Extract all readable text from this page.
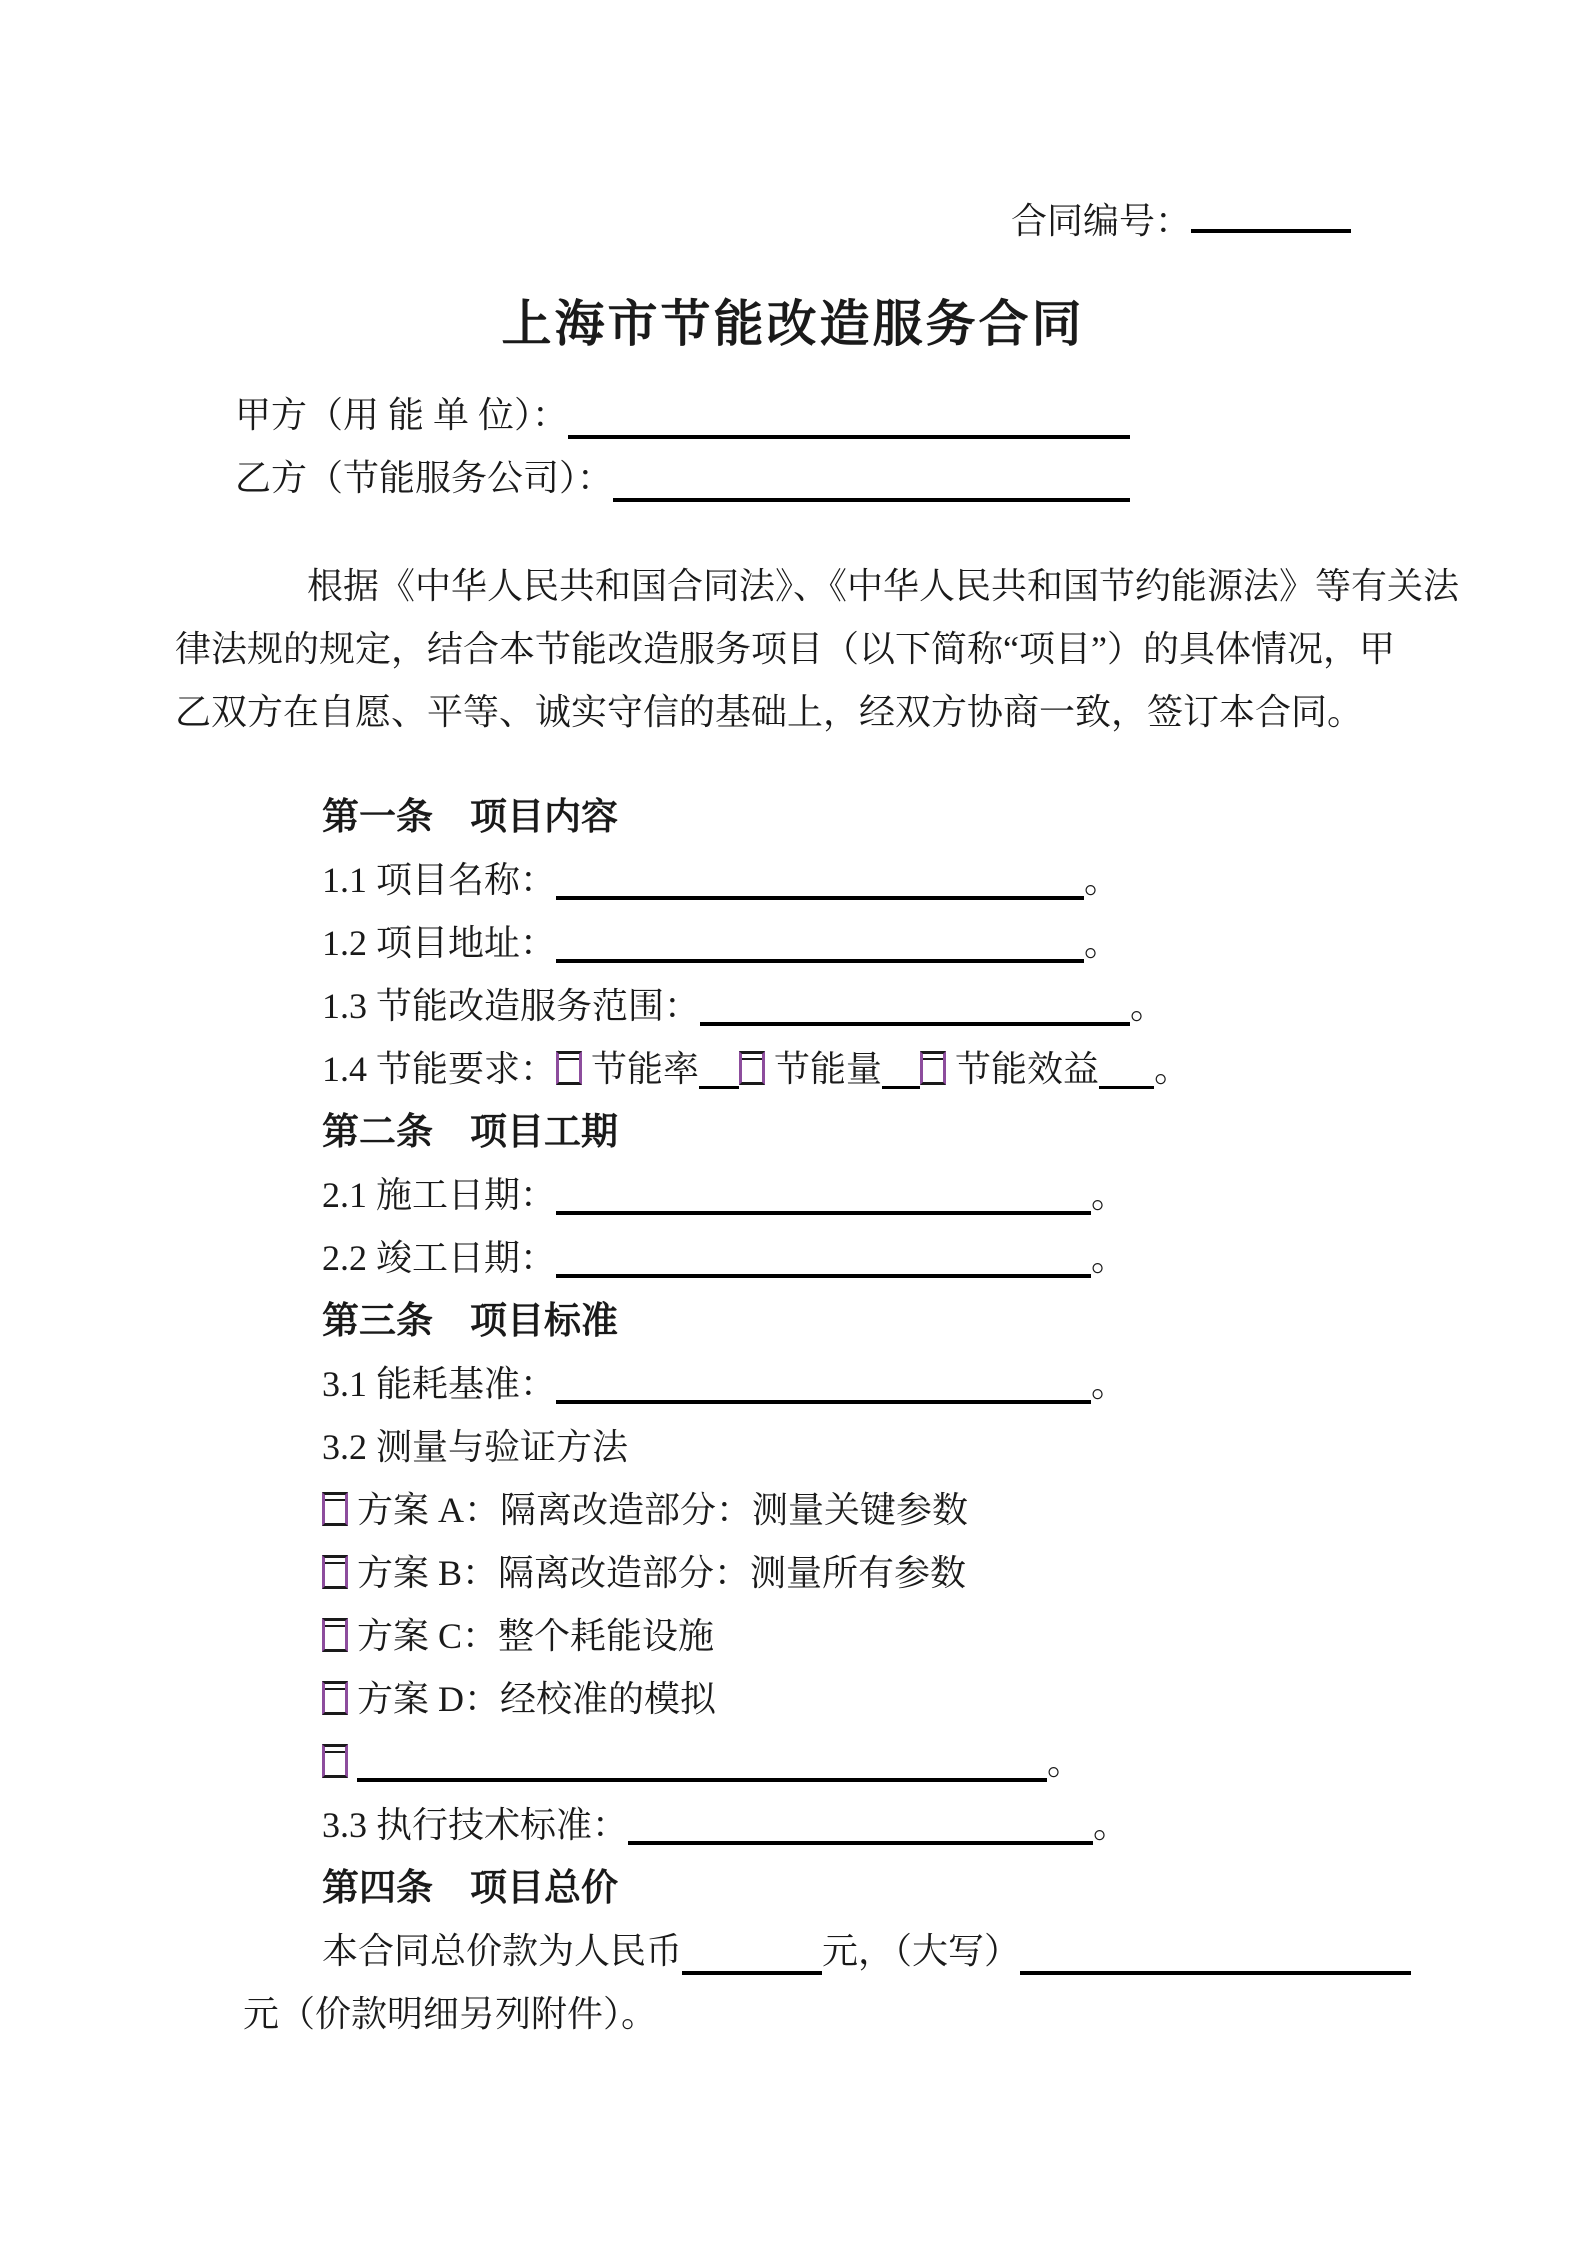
合同编号：
上海市节能改造服务合同
甲方（用 能 单 位）：
乙方（节能服务公司）：
根据《中华人民共和国合同法》、《中华人民共和国节约能源法》等有关法
律法规的规定，结合本节能改造服务项目（以下简称“项目”）的具体情况，甲
乙双方在自愿、平等、诚实守信的基础上，经双方协商一致，签订本合同。
第一条　项目内容
1.1 项目名称：	。
1.2 项目地址：	。
1.3 节能改造服务范围：	。
1.4 节能要求： 节能率 节能量 节能效益 。
第二条　项目工期
2.1 施工日期：	。
2.2 竣工日期：	。
第三条　项目标准
3.1 能耗基准：	。
3.2 测量与验证方法
方案 A：隔离改造部分：测量关键参数
方案 B：隔离改造部分：测量所有参数
方案 C：整个耗能设施
方案 D：经校准的模拟
。
3.3 执行技术标准：	。
第四条　项目总价
本合同总价款为人民币	元，（大写）
元（价款明细另列附件）。
